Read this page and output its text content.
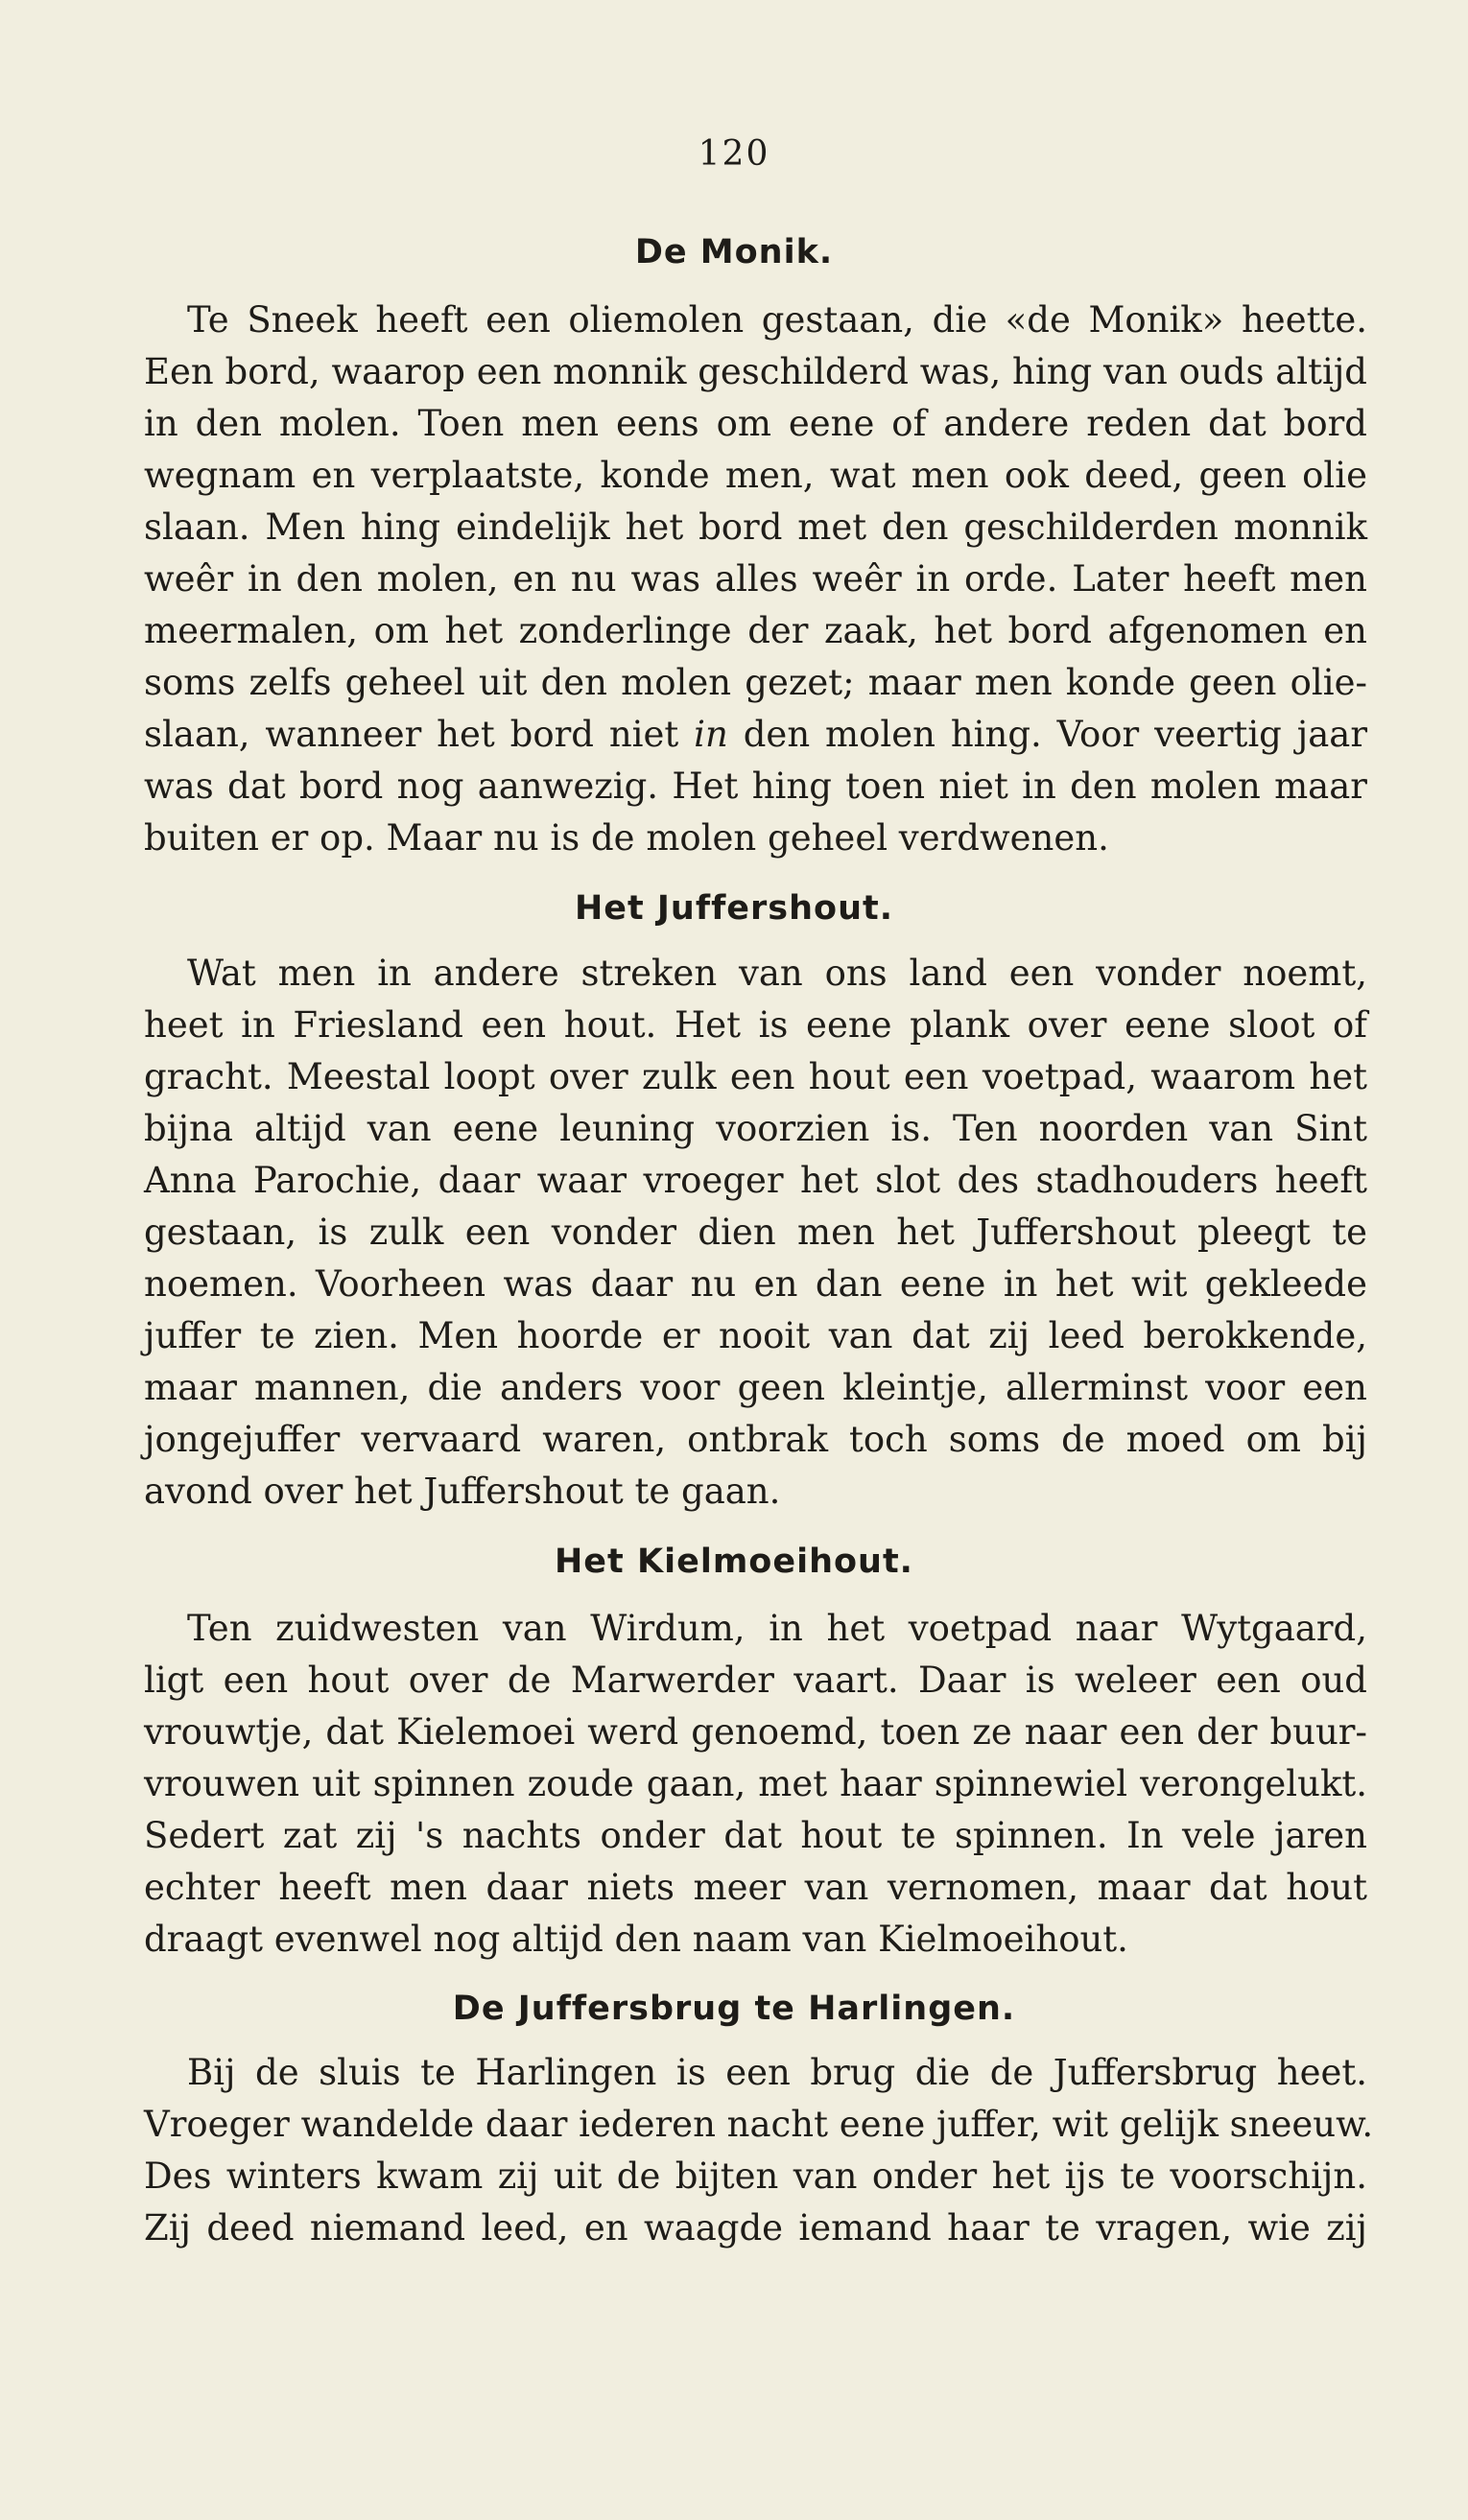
120
De Monik.
Te Sneek heeft een oliemolen gestaan, die «de Monik» heette.
Een bord, waarop een monnik geschilderd was, hing van ouds altijd
in den molen. Toen men eens om eene of andere reden dat bord
wegnam en verplaatste, konde men, wat men ook deed, geen olie
slaan. Men hing eindelijk het bord met den geschilderden monnik
weêr in den molen, en nu was alles weêr in orde. Later heeft men
meermalen, om het zonderlinge der zaak, het bord afgenomen en
soms zelfs geheel uit den molen gezet; maar men konde geen olie-
slaan, wanneer het bord niet in den molen hing. Voor veertig jaar
was dat bord nog aanwezig. Het hing toen niet in den molen maar
buiten er op. Maar nu is de molen geheel verdwenen.
Het Juffershout.
Wat men in andere streken van ons land een vonder noemt,
heet in Friesland een hout. Het is eene plank over eene sloot of
gracht. Meestal loopt over zulk een hout een voetpad, waarom het
bijna altijd van eene leuning voorzien is. Ten noorden van Sint
Anna Parochie, daar waar vroeger het slot des stadhouders heeft
gestaan, is zulk een vonder dien men het Juffershout pleegt te
noemen. Voorheen was daar nu en dan eene in het wit gekleede
juffer te zien. Men hoorde er nooit van dat zij leed berokkende,
maar mannen, die anders voor geen kleintje, allerminst voor een
jongejuffer vervaard waren, ontbrak toch soms de moed om bij
avond over het Juffershout te gaan.
Het Kielmoeihout.
Ten zuidwesten van Wirdum, in het voetpad naar Wytgaard,
ligt een hout over de Marwerder vaart. Daar is weleer een oud
vrouwtje, dat Kielemoei werd genoemd, toen ze naar een der buur-
vrouwen uit spinnen zoude gaan, met haar spinnewiel verongelukt.
Sedert zat zij 's nachts onder dat hout te spinnen. In vele jaren
echter heeft men daar niets meer van vernomen, maar dat hout
draagt evenwel nog altijd den naam van Kielmoeihout.
De Juffersbrug te Harlingen.
Bij de sluis te Harlingen is een brug die de Juffersbrug heet.
Vroeger wandelde daar iederen nacht eene juffer, wit gelijk sneeuw.
Des winters kwam zij uit de bijten van onder het ijs te voorschijn.
Zij deed niemand leed, en waagde iemand haar te vragen, wie zij
